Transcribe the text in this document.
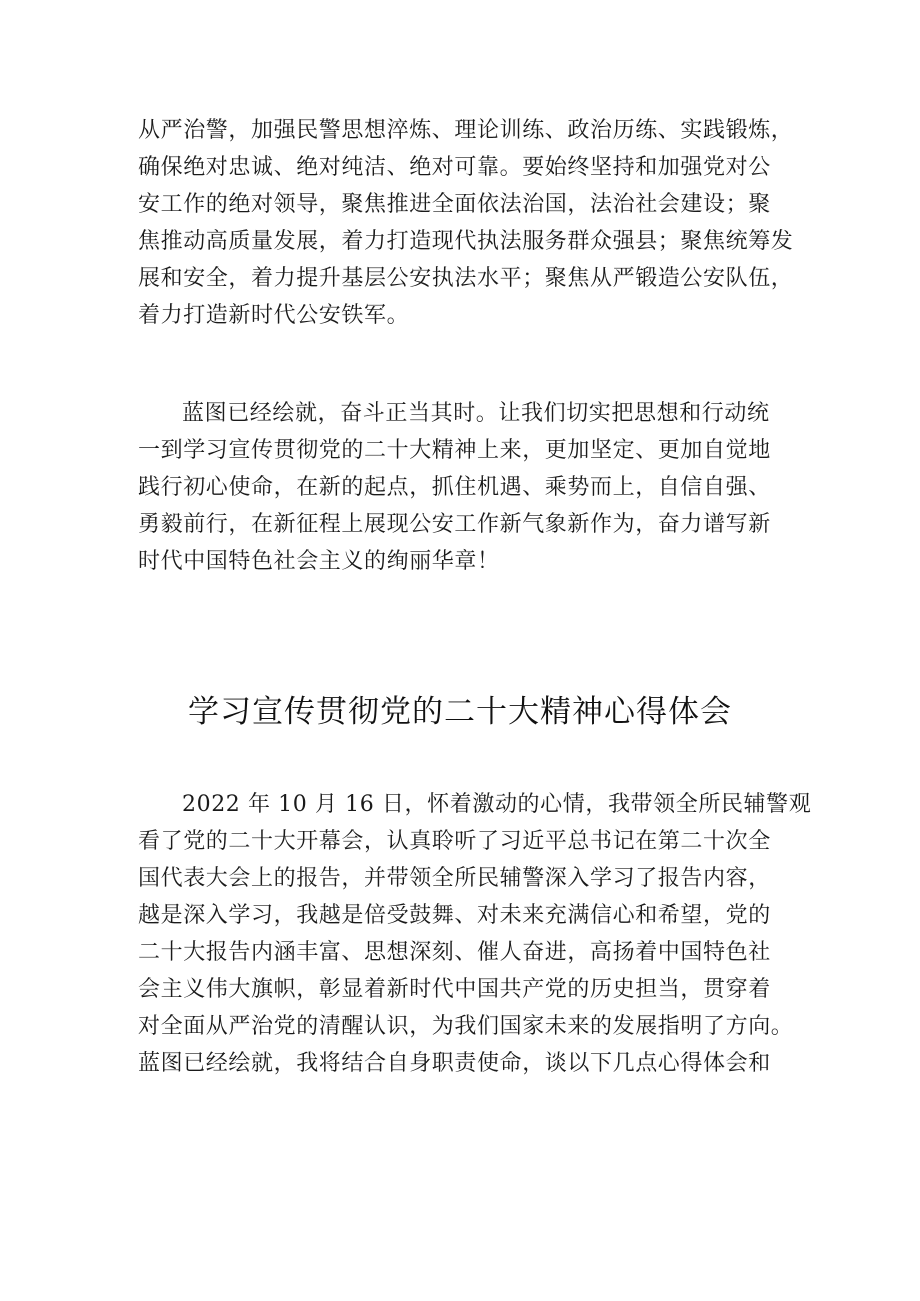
从严治警，加强民警思想淬炼、理论训练、政治历练、实践锻炼，
确保绝对忠诚、绝对纯洁、绝对可靠。要始终坚持和加强党对公
安工作的绝对领导，聚焦推进全面依法治国，法治社会建设；聚
焦推动高质量发展，着力打造现代执法服务群众强县；聚焦统筹发
展和安全，着力提升基层公安执法水平；聚焦从严锻造公安队伍，
着力打造新时代公安铁军。
蓝图已经绘就，奋斗正当其时。让我们切实把思想和行动统
一到学习宣传贯彻党的二十大精神上来，更加坚定、更加自觉地
践行初心使命，在新的起点，抓住机遇、乘势而上，自信自强、
勇毅前行，在新征程上展现公安工作新气象新作为，奋力谱写新
时代中国特色社会主义的绚丽华章！
学习宣传贯彻党的二十大精神心得体会
2022 年 10 月 16 日，怀着激动的心情，我带领全所民辅警观
看了党的二十大开幕会，认真聆听了习近平总书记在第二十次全
国代表大会上的报告，并带领全所民辅警深入学习了报告内容，
越是深入学习，我越是倍受鼓舞、对未来充满信心和希望，党的
二十大报告内涵丰富、思想深刻、催人奋进，高扬着中国特色社
会主义伟大旗帜，彰显着新时代中国共产党的历史担当，贯穿着
对全面从严治党的清醒认识，为我们国家未来的发展指明了方向。
蓝图已经绘就，我将结合自身职责使命，谈以下几点心得体会和
